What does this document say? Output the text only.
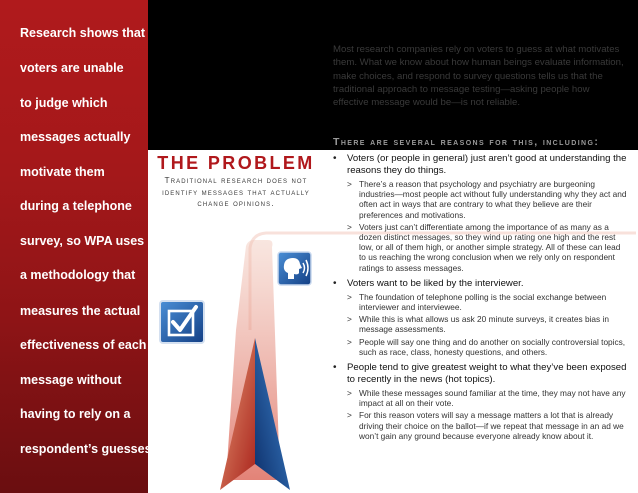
Research shows that
voters are unable
to judge which
messages actually
motivate them
during a telephone
survey, so WPA uses
a methodology that
measures the actual
effectiveness of each
message without
having to rely on a
respondent’s guesses.
Most research companies rely on voters to guess at what motivates them. What we know about how human beings evaluate information, make choices, and respond to survey questions tells us that the traditional approach to message testing—asking people how effective message would be—is not reliable.
There are several reasons for this, including:
THE PROBLEM
Traditional research does not identify messages that actually change opinions.
• Voters (or people in general) just aren’t good at understanding the reasons they do things.
> There’s a reason that psychology and psychiatry are burgeoning industries—most people act without fully understanding why they act and often act in ways that are contrary to what they believe are their preferences and motivations.
> Voters just can’t differentiate among the importance of as many as a dozen distinct messages, so they wind up rating one high and the rest low, or all of them high, or another simple strategy. All of these can lead to us reaching the wrong conclusion when we rely only on respondent ratings to assess messages.
• Voters want to be liked by the interviewer.
> The foundation of telephone polling is the social exchange between interviewer and interviewee.
> While this is what allows us ask 20 minute surveys, it creates bias in message assessments.
> People will say one thing and do another on socially controversial topics, such as race, class, honesty questions, and others.
• People tend to give greatest weight to what they’ve been exposed to recently in the news (hot topics).
> While these messages sound familiar at the time, they may not have any impact at all on their vote.
> For this reason voters will say a message matters a lot that is already driving their choice on the ballot—if we repeat that message in an ad we won’t gain any ground because everyone already know about it.
